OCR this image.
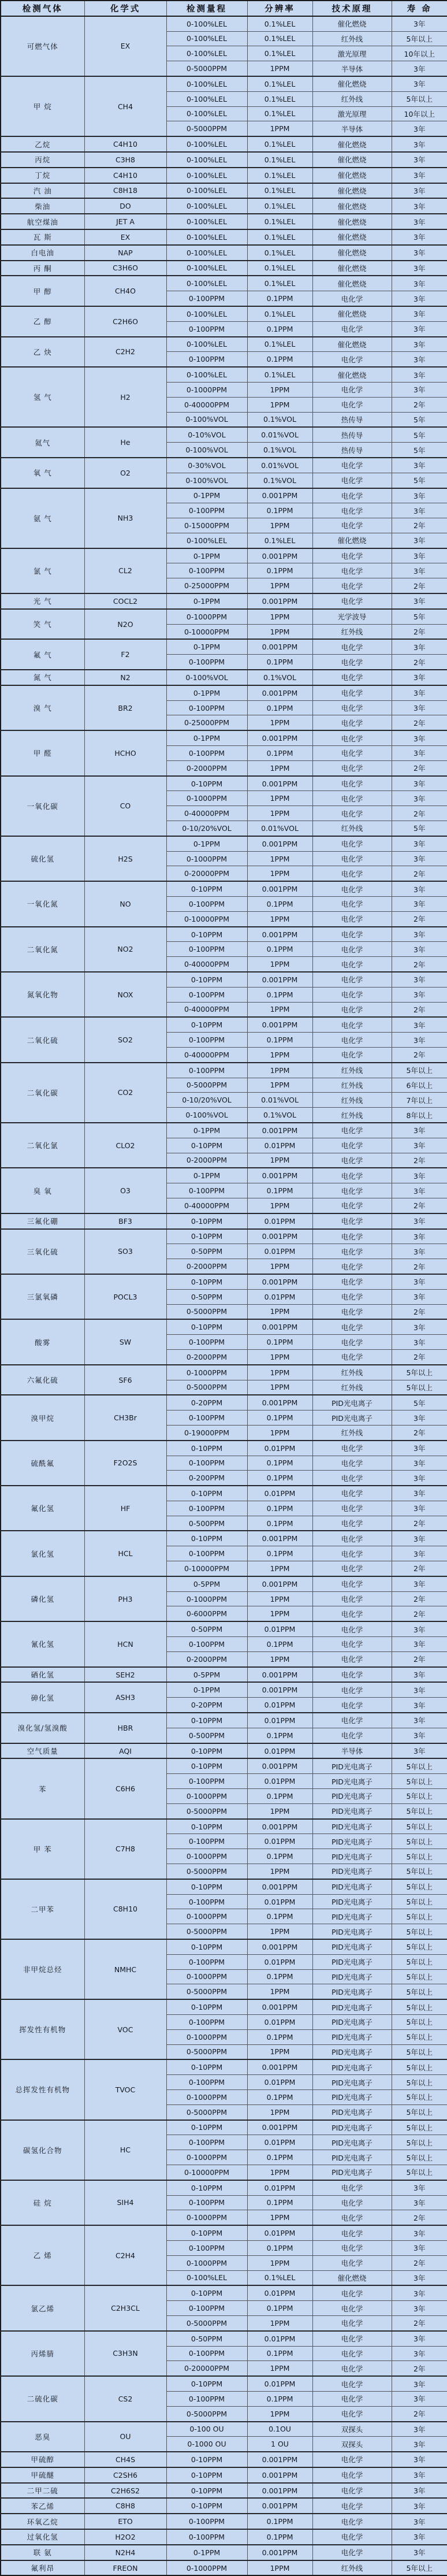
检测气体	化学式	检测量程	分辨率	技术原理	寿 命
可燃气体	EX	0-100%LEL	0.1%LEL	催化燃烧	3年
		0-100%LEL	0.1%LEL	红外线	5年以上
		0-100%LEL	0.1%LEL	激光原理	10年以上
		0-5000PPM	1PPM	半导体	3年
甲 烷	CH4	0-100%LEL	0.1%LEL	催化燃烧	3年
		0-100%LEL	0.1%LEL	红外线	5年以上
		0-100%LEL	0.1%LEL	激光原理	10年以上
		0-5000PPM	1PPM	半导体	3年
乙烷	C4H10	0-100%LEL	0.1%LEL	催化燃烧	3年
丙烷	C3H8	0-100%LEL	0.1%LEL	催化燃烧	3年
丁烷	C4H10	0-100%LEL	0.1%LEL	催化燃烧	3年
汽 油	C8H18	0-100%LEL	0.1%LEL	催化燃烧	3年
柴油	DO	0-100%LEL	0.1%LEL	催化燃烧	3年
航空煤油	JET A	0-100%LEL	0.1%LEL	催化燃烧	3年
瓦 斯	EX	0-100%LEL	0.1%LEL	催化燃烧	3年
白电油	NAP	0-100%LEL	0.1%LEL	催化燃烧	3年
丙 酮	C3H6O	0-100%LEL	0.1%LEL	催化燃烧	3年
甲 醇	CH4O	0-100%LEL	0.1%LEL	催化燃烧	3年
		0-100PPM	0.1PPM	电化学	3年
乙 醇	C2H6O	0-100%LEL	0.1%LEL	催化燃烧	3年
		0-100PPM	0.1PPM	电化学	3年
乙 炔	C2H2	0-100%LEL	0.1%LEL	催化燃烧	3年
		0-100PPM	0.1PPM	电化学	3年
氢 气	H2	0-100%LEL	0.1%LEL	催化燃烧	3年
		0-1000PPM	1PPM	电化学	3年
		0-40000PPM	1PPM	电化学	2年
		0-100%VOL	0.1%VOL	热传导	5年
氦气	He	0-10%VOL	0.01%VOL	热传导	5年
		0-100%VOL	0.1%VOL	热传导	5年
氧 气	O2	0-30%VOL	0.01%VOL	电化学	3年
		0-100%VOL	0.1%VOL	电化学	5年
氨 气	NH3	0-1PPM	0.001PPM	电化学	3年
		0-100PPM	0.1PPM	电化学	3年
		0-15000PPM	1PPM	电化学	2年
		0-100%LEL	0.1%LEL	催化燃烧	3年
氯 气	CL2	0-1PPM	0.001PPM	电化学	3年
		0-100PPM	0.1PPM	电化学	3年
		0-25000PPM	1PPM	电化学	2年
光 气	COCL2	0-1PPM	0.001PPM	电化学	3年
笑 气	N2O	0-1000PPM	1PPM	光学波导	5年
		0-10000PPM	1PPM	红外线	2年
氟 气	F2	0-1PPM	0.001PPM	电化学	3年
		0-100PPM	0.1PPM	电化学	2年
氮 气	N2	0-100%VOL	0.1%VOL	电化学	3年
溴 气	BR2	0-1PPM	0.001PPM	电化学	3年
		0-100PPM	0.1PPM	电化学	3年
		0-25000PPM	1PPM	电化学	2年
甲 醛	HCHO	0-1PPM	0.001PPM	电化学	3年
		0-100PPM	0.1PPM	电化学	3年
		0-2000PPM	1PPM	电化学	2年
一氧化碳	CO	0-10PPM	0.001PPM	电化学	3年
		0-1000PPM	1PPM	电化学	3年
		0-40000PPM	1PPM	电化学	2年
		0-10/20%VOL	0.01%VOL	红外线	5年
硫化氢	H2S	0-1PPM	0.001PPM	电化学	3年
		0-1000PPM	1PPM	电化学	3年
		0-20000PPM	1PPM	电化学	2年
一氧化氮	NO	0-10PPM	0.001PPM	电化学	3年
		0-100PPM	0.1PPM	电化学	3年
		0-10000PPM	1PPM	电化学	2年
二氧化氮	NO2	0-10PPM	0.001PPM	电化学	3年
		0-100PPM	0.1PPM	电化学	3年
		0-40000PPM	1PPM	电化学	2年
氮氧化物	NOX	0-10PPM	0.001PPM	电化学	3年
		0-100PPM	0.1PPM	电化学	3年
		0-40000PPM	1PPM	电化学	2年
二氧化硫	SO2	0-10PPM	0.001PPM	电化学	3年
		0-100PPM	0.1PPM	电化学	3年
		0-40000PPM	1PPM	电化学	2年
二氧化碳	CO2	0-100PPM	1PPM	红外线	5年以上
		0-5000PPM	1PPM	红外线	6年以上
		0-10/20%VOL	0.01%VOL	红外线	7年以上
		0-100%VOL	0.1%VOL	红外线	8年以上
二氧化氯	CLO2	0-1PPM	0.001PPM	电化学	3年
		0-10PPM	0.01PPM	电化学	3年
		0-2000PPM	1PPM	电化学	2年
臭 氧	O3	0-1PPM	0.001PPM	电化学	3年
		0-100PPM	0.1PPM	电化学	3年
		0-40000PPM	1PPM	电化学	2年
三氟化硼	BF3	0-10PPM	0.01PPM	电化学	3年
三氧化硫	SO3	0-10PPM	0.001PPM	电化学	3年
		0-50PPM	0.01PPM	电化学	3年
		0-2000PPM	1PPM	电化学	2年
三氯氧磷	POCL3	0-10PPM	0.001PPM	电化学	3年
		0-50PPM	0.01PPM	电化学	3年
		0-5000PPM	1PPM	电化学	2年
酸雾	SW	0-10PPM	0.001PPM	电化学	3年
		0-100PPM	0.1PPM	电化学	3年
		0-2000PPM	1PPM	电化学	2年
六氟化硫	SF6	0-1000PPM	1PPM	红外线	5年以上
		0-5000PPM	1PPM	红外线	5年以上
溴甲烷	CH3Br	0-20PPM	0.001PPM	PID光电离子	5年
		0-100PPM	0.1PPM	PID光电离子	3年
		0-19000PPM	1PPM	红外线	2年
硫酰氟	F2O2S	0-10PPM	0.01PPM	电化学	3年
		0-100PPM	0.1PPM	电化学	3年
		0-200PPM	0.1PPM	电化学	3年
氟化氢	HF	0-10PPM	0.01PPM	电化学	3年
		0-100PPM	0.1PPM	电化学	3年
		0-500PPM	0.1PPM	电化学	2年
氯化氢	HCL	0-10PPM	0.001PPM	电化学	3年
		0-100PPM	0.1PPM	电化学	3年
		0-10000PPM	1PPM	电化学	2年
磷化氢	PH3	0-5PPM	0.001PPM	电化学	3年
		0-1000PPM	1PPM	电化学	2年
		0-6000PPM	1PPM	电化学	2年
氰化氢	HCN	0-50PPM	0.01PPM	电化学	3年
		0-100PPM	0.1PPM	电化学	3年
		0-2000PPM	1PPM	电化学	2年
硒化氢	SEH2	0-5PPM	0.001PPM	电化学	3年
砷化氢	ASH3	0-1PPM	0.001PPM	电化学	3年
		0-20PPM	0.01PPM	电化学	3年
溴化氢/氢溴酸	HBR	0-10PPM	0.01PPM	电化学	3年
		0-500PPM	0.1PPM	电化学	3年
空气质量	AQI	0-10PPM	0.01PPM	半导体	3年
苯	C6H6	0-10PPM	0.001PPM	PID光电离子	5年以上
		0-100PPM	0.01PPM	PID光电离子	5年以上
		0-1000PPM	0.1PPM	PID光电离子	5年以上
		0-5000PPM	1PPM	PID光电离子	5年以上
甲 苯	C7H8	0-10PPM	0.001PPM	PID光电离子	5年以上
		0-100PPM	0.01PPM	PID光电离子	5年以上
		0-1000PPM	0.1PPM	PID光电离子	5年以上
		0-5000PPM	1PPM	PID光电离子	5年以上
二甲苯	C8H10	0-10PPM	0.001PPM	PID光电离子	5年以上
		0-100PPM	0.01PPM	PID光电离子	5年以上
		0-1000PPM	0.1PPM	PID光电离子	5年以上
		0-5000PPM	1PPM	PID光电离子	5年以上
非甲烷总烃	NMHC	0-10PPM	0.001PPM	PID光电离子	5年以上
		0-100PPM	0.01PPM	PID光电离子	5年以上
		0-1000PPM	0.1PPM	PID光电离子	5年以上
		0-5000PPM	1PPM	PID光电离子	5年以上
挥发性有机物	VOC	0-10PPM	0.001PPM	PID光电离子	5年以上
		0-100PPM	0.01PPM	PID光电离子	5年以上
		0-1000PPM	0.1PPM	PID光电离子	5年以上
		0-5000PPM	1PPM	PID光电离子	5年以上
总挥发性有机物	TVOC	0-10PPM	0.001PPM	PID光电离子	5年以上
		0-100PPM	0.01PPM	PID光电离子	5年以上
		0-1000PPM	0.1PPM	PID光电离子	5年以上
		0-5000PPM	1PPM	PID光电离子	5年以上
碳氢化合物	HC	0-10PPM	0.001PPM	PID光电离子	5年以上
		0-100PPM	0.01PPM	PID光电离子	5年以上
		0-1000PPM	0.1PPM	PID光电离子	5年以上
		0-10000PPM	1PPM	PID光电离子	5年以上
硅 烷	SIH4	0-10PPM	0.01PPM	电化学	3年
		0-100PPM	0.1PPM	电化学	3年
		0-1000PPM	1PPM	电化学	2年
乙 烯	C2H4	0-10PPM	0.01PPM	电化学	3年
		0-100PPM	0.1PPM	电化学	3年
		0-1000PPM	1PPM	电化学	2年
		0-100%LEL	0.1%LEL	催化燃烧	3年
氯乙烯	C2H3CL	0-10PPM	0.01PPM	电化学	3年
		0-100PPM	0.1PPM	电化学	3年
		0-5000PPM	1PPM	电化学	2年
丙烯腈	C3H3N	0-50PPM	0.01PPM	电化学	3年
		0-100PPM	0.1PPM	电化学	3年
		0-20000PPM	1PPM	电化学	2年
二硫化碳	CS2	0-10PPM	0.01PPM	电化学	3年
		0-100PPM	0.1PPM	电化学	3年
		0-5000PPM	1PPM	电化学	2年
恶臭	OU	0-100 OU	0.1OU	双探头	3年
		0-1000 OU	1 OU	双探头	3年
甲硫醇	CH4S	0-10PPM	0.001PPM	电化学	3年
甲硫醚	C2SH6	0-10PPM	0.001PPM	电化学	3年
二甲二硫	C2H6S2	0-10PPM	0.001PPM	电化学	3年
苯乙烯	C8H8	0-10PPM	0.001PPM	电化学	3年
环氧乙烷	ETO	0-100PPM	0.1PPM	电化学	3年
过氧化氢	H2O2	0-100PPM	0.1PPM	电化学	3年
联 氨	N2H4	0-1PPM	0.001PPM	电化学	3年
氟利昂	FREON	0-1000PPM	1PPM	红外线	5年以上
